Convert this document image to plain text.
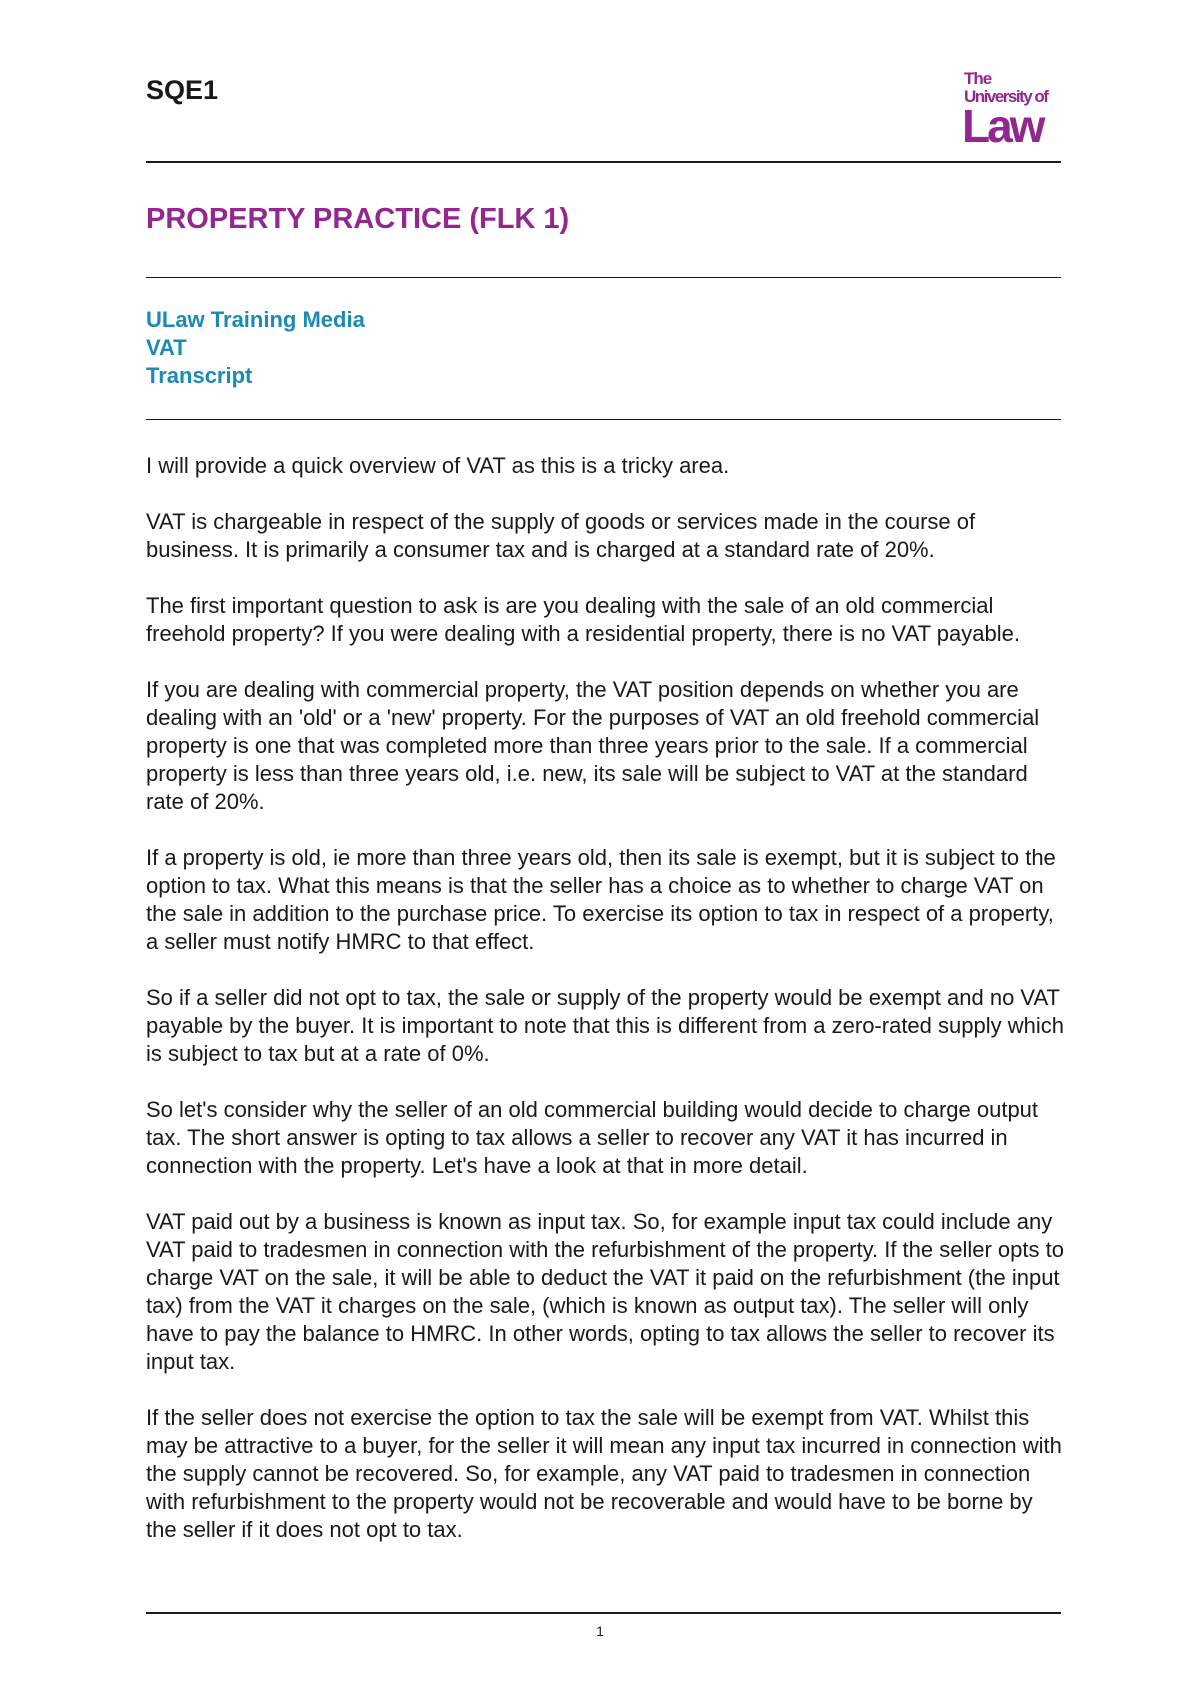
SQE1	The
University of
Law
PROPERTY PRACTICE (FLK 1)
ULaw Training Media
VAT
Transcript

I will provide a quick overview of VAT as this is a tricky area.

VAT is chargeable in respect of the supply of goods or services made in the course of business. It is primarily a consumer tax and is charged at a standard rate of 20%.

The first important question to ask is are you dealing with the sale of an old commercial freehold property? If you were dealing with a residential property, there is no VAT payable.

If you are dealing with commercial property, the VAT position depends on whether you are dealing with an 'old' or a 'new' property. For the purposes of VAT an old freehold commercial property is one that was completed more than three years prior to the sale. If a commercial property is less than three years old, i.e. new, its sale will be subject to VAT at the standard rate of 20%.

If a property is old, ie more than three years old, then its sale is exempt, but it is subject to the option to tax. What this means is that the seller has a choice as to whether to charge VAT on the sale in addition to the purchase price. To exercise its option to tax in respect of a property, a seller must notify HMRC to that effect.

So if a seller did not opt to tax, the sale or supply of the property would be exempt and no VAT payable by the buyer. It is important to note that this is different from a zero-rated supply which is subject to tax but at a rate of 0%.

So let's consider why the seller of an old commercial building would decide to charge output tax. The short answer is opting to tax allows a seller to recover any VAT it has incurred in connection with the property. Let's have a look at that in more detail.

VAT paid out by a business is known as input tax. So, for example input tax could include any VAT paid to tradesmen in connection with the refurbishment of the property. If the seller opts to charge VAT on the sale, it will be able to deduct the VAT it paid on the refurbishment (the input tax) from the VAT it charges on the sale, (which is known as output tax). The seller will only have to pay the balance to HMRC. In other words, opting to tax allows the seller to recover its input tax.

If the seller does not exercise the option to tax the sale will be exempt from VAT. Whilst this may be attractive to a buyer, for the seller it will mean any input tax incurred in connection with the supply cannot be recovered. So, for example, any VAT paid to tradesmen in connection with refurbishment to the property would not be recoverable and would have to be borne by the seller if it does not opt to tax.

1
